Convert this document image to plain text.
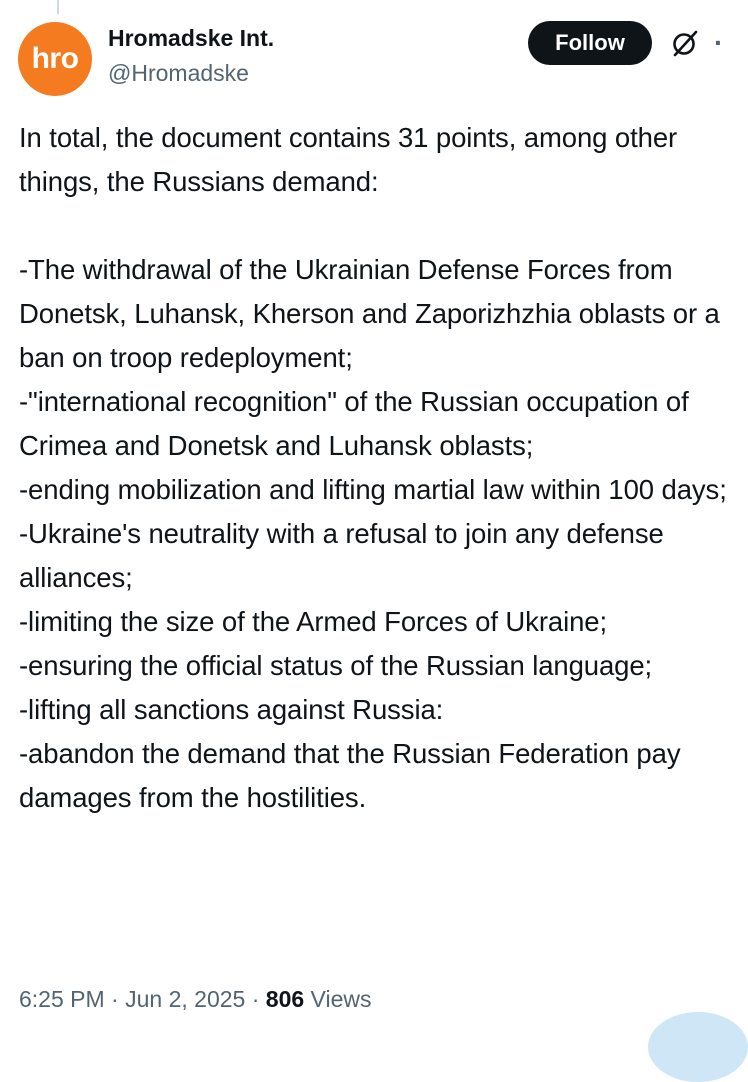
hro
Hromadske Int.
@Hromadske
Follow	·
In total, the document contains 31 points, among other things, the Russians demand:

-The withdrawal of the Ukrainian Defense Forces from Donetsk, Luhansk, Kherson and Zaporizhzhia oblasts or a ban on troop redeployment;
-"international recognition" of the Russian occupation of Crimea and Donetsk and Luhansk oblasts;
-ending mobilization and lifting martial law within 100 days;
-Ukraine's neutrality with a refusal to join any defense alliances;
-limiting the size of the Armed Forces of Ukraine;
-ensuring the official status of the Russian language;
-lifting all sanctions against Russia:
-abandon the demand that the Russian Federation pay damages from the hostilities.
6:25 PM · Jun 2, 2025 · 806 Views
